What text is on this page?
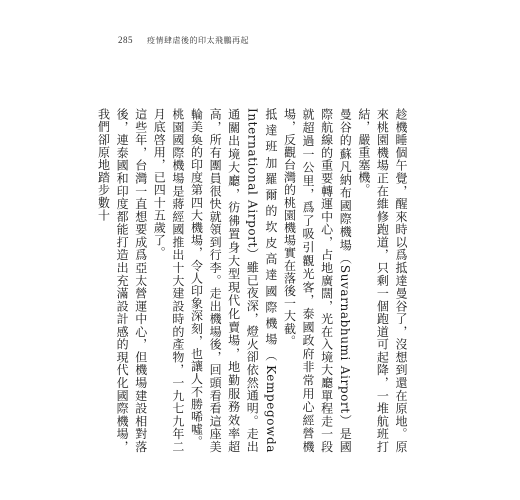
285 疫情肆虐後的印太飛鵬再起

趁機睡個午覺，醒來時以爲抵達曼谷了，沒想到還在原地。原來桃園機場正在維修跑道，只剩一個跑道可起降，一堆航班打結，嚴重塞機。

曼谷的蘇凡納布國際機場（Suvarnabhumi Airport）是國際航線的重要轉運中心，占地廣闊，光在入境大廳單程走一段就超過一公里，爲了吸引觀光客，泰國政府非常用心經營機場，反觀台灣的桃園機場實在落後一大截。

抵達班加羅爾的坎皮高達國際機場（Kempegowda International Airport）雖已夜深，燈火卻依然通明。走出通關出境大廳，彷彿置身大型現代化賣場，地勤服務效率超高，所有團員很快就領到行李。走出機場後，回頭看看這座美輪美奐的印度第四大機場，令人印象深刻，也讓人不勝唏噓。

桃園國際機場是蔣經國推出十大建設時的產物，一九七九年二月底啓用，已四十五歲了。

這些年，台灣一直想要成爲亞太營運中心，但機場建設相對落後，連泰國和印度都能打造出充滿設計感的現代化國際機場，我們卻原地踏步數十
